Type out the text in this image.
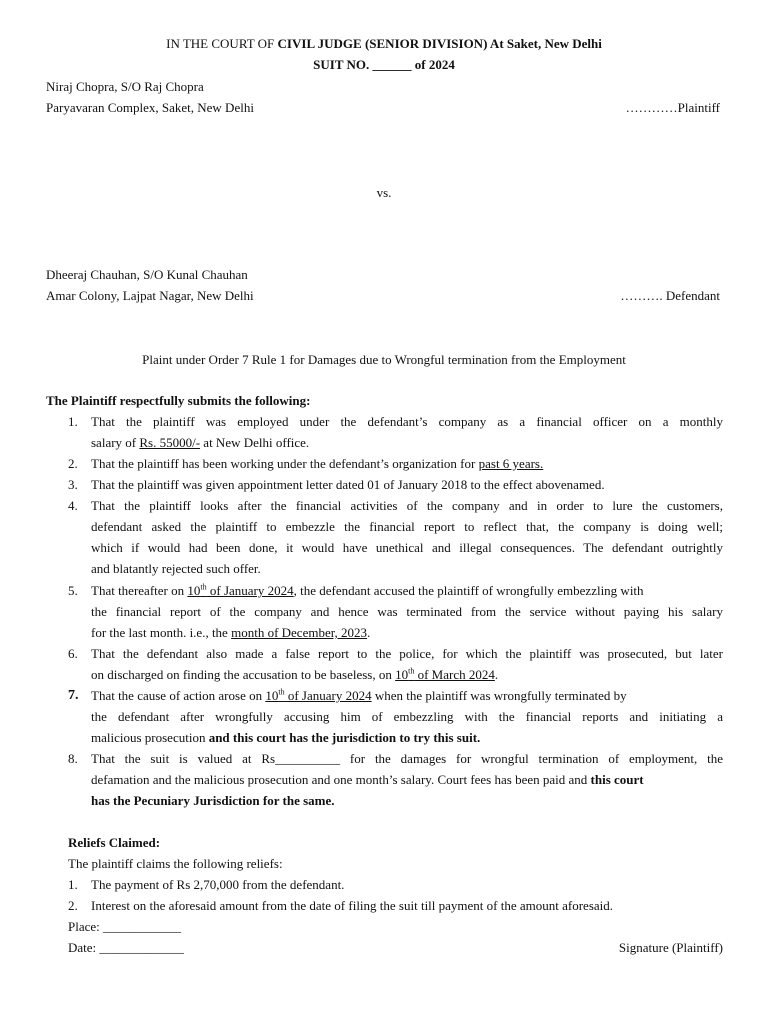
IN THE COURT OF CIVIL JUDGE (SENIOR DIVISION) At Saket, New Delhi
SUIT NO. ______ of 2024
Niraj Chopra, S/O Raj Chopra
Paryavaran Complex, Saket, New Delhi	…………Plaintiff
vs.
Dheeraj Chauhan, S/O Kunal Chauhan
Amar Colony, Lajpat Nagar, New Delhi	………. Defendant
Plaint under Order 7 Rule 1 for Damages due to Wrongful termination from the Employment
The Plaintiff respectfully submits the following:
1. That the plaintiff was employed under the defendant’s company as a financial officer on a monthly
salary of Rs. 55000/- at New Delhi office.
2. That the plaintiff has been working under the defendant’s organization for past 6 years.
3. That the plaintiff was given appointment letter dated 01 of January 2018 to the effect abovenamed.
4. That the plaintiff looks after the financial activities of the company and in order to lure the customers,
defendant asked the plaintiff to embezzle the financial report to reflect that, the company is doing well;
which if would had been done, it would have unethical and illegal consequences. The defendant outrightly
and blatantly rejected such offer.
5. That thereafter on 10th of January 2024, the defendant accused the plaintiff of wrongfully embezzling with
the financial report of the company and hence was terminated from the service without paying his salary
for the last month. i.e., the month of December, 2023.
6. That the defendant also made a false report to the police, for which the plaintiff was prosecuted, but later
on discharged on finding the accusation to be baseless, on 10th of March 2024.
7. That the cause of action arose on 10th of January 2024 when the plaintiff was wrongfully terminated by
the defendant after wrongfully accusing him of embezzling with the financial reports and initiating a
malicious prosecution and this court has the jurisdiction to try this suit.
8. That the suit is valued at Rs__________ for the damages for wrongful termination of employment, the
defamation and the malicious prosecution and one month’s salary. Court fees has been paid and this court
has the Pecuniary Jurisdiction for the same.
Reliefs Claimed:
The plaintiff claims the following reliefs:
1. The payment of Rs 2,70,000 from the defendant.
2. Interest on the aforesaid amount from the date of filing the suit till payment of the amount aforesaid.
Place: ____________
Date: _____________	Signature (Plaintiff)
